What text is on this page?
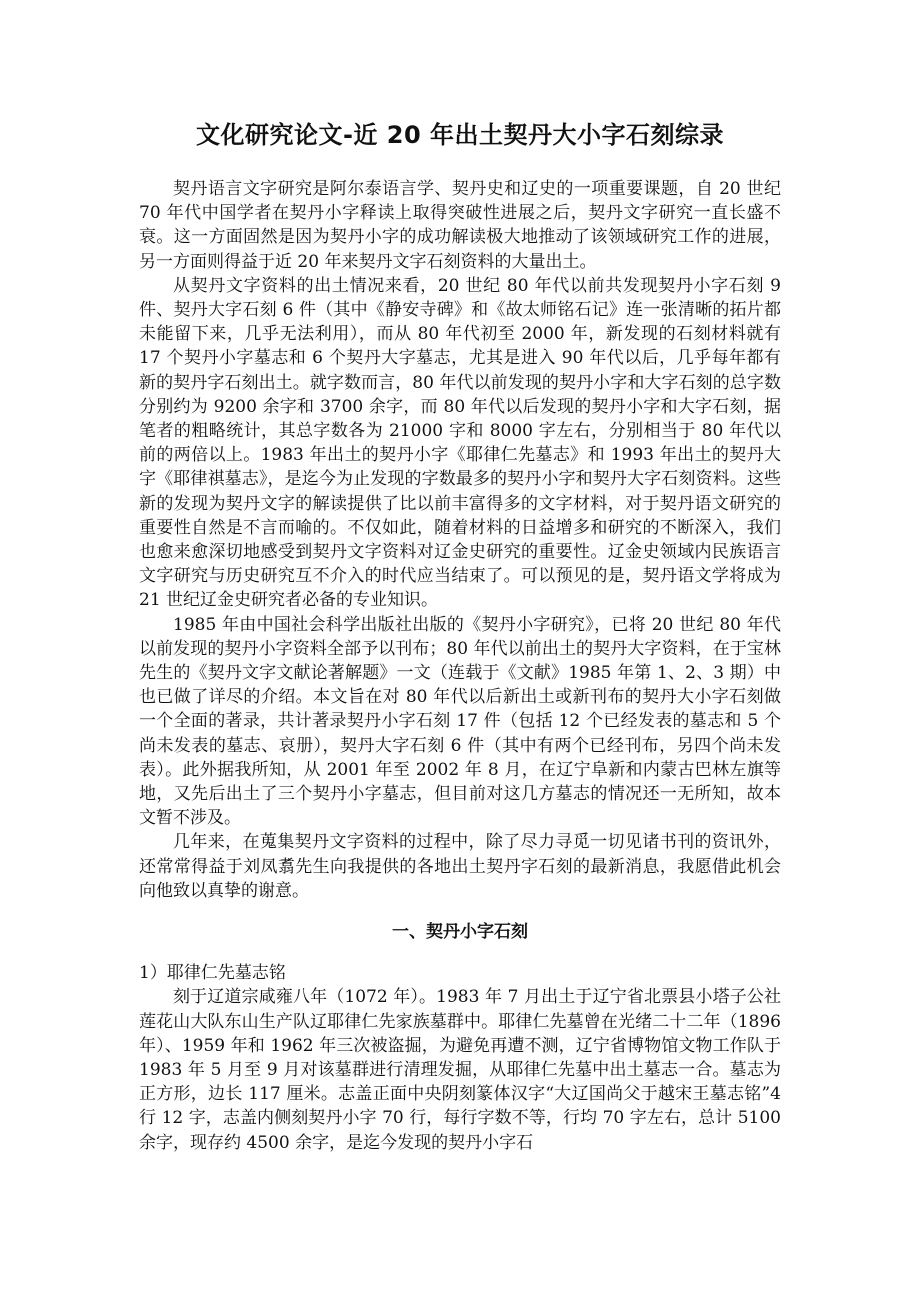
文化研究论文-近 20 年出土契丹大小字石刻综录

契丹语言文字研究是阿尔泰语言学、契丹史和辽史的一项重要课题，自 20 世纪 70 年代中国学者在契丹小字释读上取得突破性进展之后，契丹文字研究一直长盛不衰。这一方面固然是因为契丹小字的成功解读极大地推动了该领域研究工作的进展，另一方面则得益于近 20 年来契丹文字石刻资料的大量出土。

从契丹文字资料的出土情况来看，20 世纪 80 年代以前共发现契丹小字石刻 9 件、契丹大字石刻 6 件（其中《静安寺碑》和《故太师铭石记》连一张清晰的拓片都未能留下来，几乎无法利用），而从 80 年代初至 2000 年，新发现的石刻材料就有 17 个契丹小字墓志和 6 个契丹大字墓志，尤其是进入 90 年代以后，几乎每年都有新的契丹字石刻出土。就字数而言，80 年代以前发现的契丹小字和大字石刻的总字数分别约为 9200 余字和 3700 余字，而 80 年代以后发现的契丹小字和大字石刻，据笔者的粗略统计，其总字数各为 21000 字和 8000 字左右，分别相当于 80 年代以前的两倍以上。1983 年出土的契丹小字《耶律仁先墓志》和 1993 年出土的契丹大字《耶律祺墓志》，是迄今为止发现的字数最多的契丹小字和契丹大字石刻资料。这些新的发现为契丹文字的解读提供了比以前丰富得多的文字材料，对于契丹语文研究的重要性自然是不言而喻的。不仅如此，随着材料的日益增多和研究的不断深入，我们也愈来愈深切地感受到契丹文字资料对辽金史研究的重要性。辽金史领域内民族语言文字研究与历史研究互不介入的时代应当结束了。可以预见的是，契丹语文学将成为 21 世纪辽金史研究者必备的专业知识。

1985 年由中国社会科学出版社出版的《契丹小字研究》，已将 20 世纪 80 年代以前发现的契丹小字资料全部予以刊布；80 年代以前出土的契丹大字资料，在于宝林先生的《契丹文字文献论著解题》一文（连载于《文献》1985 年第 1、2、3 期）中也已做了详尽的介绍。本文旨在对 80 年代以后新出土或新刊布的契丹大小字石刻做一个全面的著录，共计著录契丹小字石刻 17 件（包括 12 个已经发表的墓志和 5 个尚未发表的墓志、哀册），契丹大字石刻 6 件（其中有两个已经刊布，另四个尚未发表）。此外据我所知，从 2001 年至 2002 年 8 月，在辽宁阜新和内蒙古巴林左旗等地，又先后出土了三个契丹小字墓志，但目前对这几方墓志的情况还一无所知，故本文暂不涉及。

几年来，在蒐集契丹文字资料的过程中，除了尽力寻觅一切见诸书刊的资讯外，还常常得益于刘凤翥先生向我提供的各地出土契丹字石刻的最新消息，我愿借此机会向他致以真挚的谢意。

一、契丹小字石刻

1）耶律仁先墓志铭

刻于辽道宗咸雍八年（1072 年）。1983 年 7 月出土于辽宁省北票县小塔子公社莲花山大队东山生产队辽耶律仁先家族墓群中。耶律仁先墓曾在光绪二十二年（1896 年）、1959 年和 1962 年三次被盗掘，为避免再遭不测，辽宁省博物馆文物工作队于 1983 年 5 月至 9 月对该墓群进行清理发掘，从耶律仁先墓中出土墓志一合。墓志为正方形，边长 117 厘米。志盖正面中央阴刻篆体汉字“大辽国尚父于越宋王墓志铭”4 行 12 字，志盖内侧刻契丹小字 70 行，每行字数不等，行均 70 字左右，总计 5100 余字，现存约 4500 余字，是迄今发现的契丹小字石
